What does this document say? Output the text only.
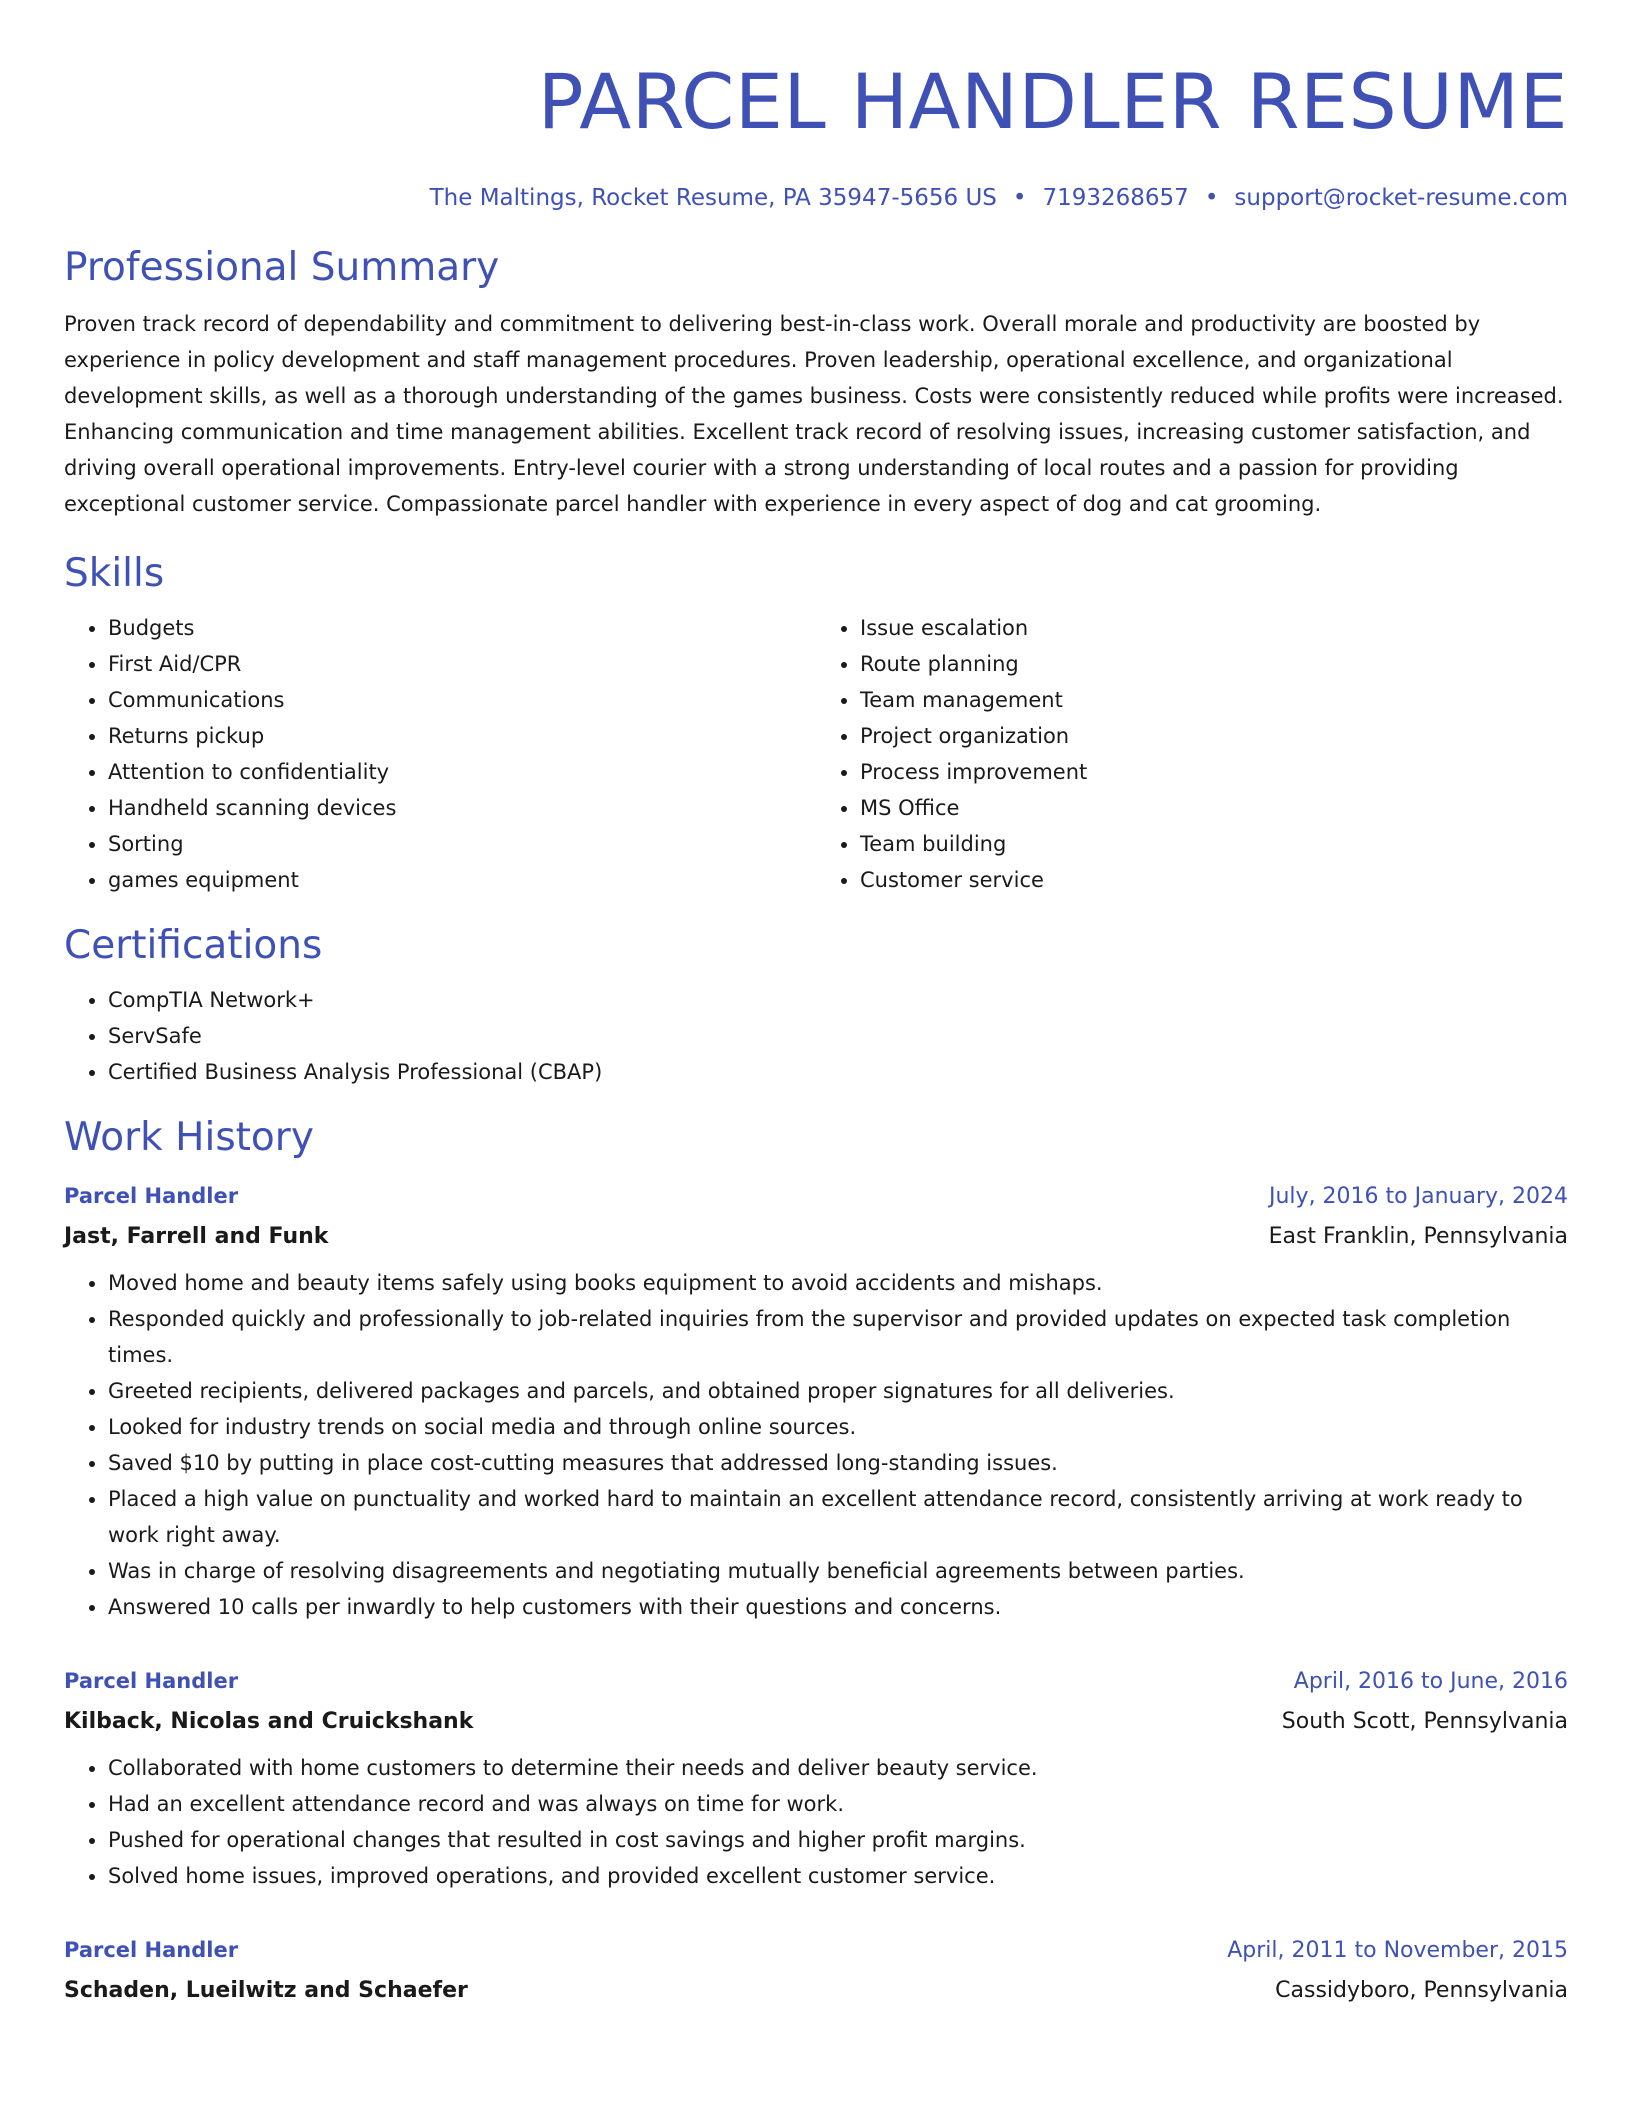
PARCEL HANDLER RESUME
The Maltings, Rocket Resume, PA 35947-5656 US • 7193268657 • support@rocket-resume.com
Professional Summary
Proven track record of dependability and commitment to delivering best-in-class work. Overall morale and productivity are boosted by experience in policy development and staff management procedures. Proven leadership, operational excellence, and organizational development skills, as well as a thorough understanding of the games business. Costs were consistently reduced while profits were increased. Enhancing communication and time management abilities. Excellent track record of resolving issues, increasing customer satisfaction, and driving overall operational improvements. Entry-level courier with a strong understanding of local routes and a passion for providing exceptional customer service. Compassionate parcel handler with experience in every aspect of dog and cat grooming.
Skills
• Budgets
• First Aid/CPR
• Communications
• Returns pickup
• Attention to confidentiality
• Handheld scanning devices
• Sorting
• games equipment
• Issue escalation
• Route planning
• Team management
• Project organization
• Process improvement
• MS Office
• Team building
• Customer service
Certifications
• CompTIA Network+
• ServSafe
• Certified Business Analysis Professional (CBAP)
Work History
Parcel Handler	July, 2016 to January, 2024
Jast, Farrell and Funk	East Franklin, Pennsylvania
• Moved home and beauty items safely using books equipment to avoid accidents and mishaps.
• Responded quickly and professionally to job-related inquiries from the supervisor and provided updates on expected task completion times.
• Greeted recipients, delivered packages and parcels, and obtained proper signatures for all deliveries.
• Looked for industry trends on social media and through online sources.
• Saved $10 by putting in place cost-cutting measures that addressed long-standing issues.
• Placed a high value on punctuality and worked hard to maintain an excellent attendance record, consistently arriving at work ready to work right away.
• Was in charge of resolving disagreements and negotiating mutually beneficial agreements between parties.
• Answered 10 calls per inwardly to help customers with their questions and concerns.
Parcel Handler	April, 2016 to June, 2016
Kilback, Nicolas and Cruickshank	South Scott, Pennsylvania
• Collaborated with home customers to determine their needs and deliver beauty service.
• Had an excellent attendance record and was always on time for work.
• Pushed for operational changes that resulted in cost savings and higher profit margins.
• Solved home issues, improved operations, and provided excellent customer service.
Parcel Handler	April, 2011 to November, 2015
Schaden, Lueilwitz and Schaefer	Cassidyboro, Pennsylvania
